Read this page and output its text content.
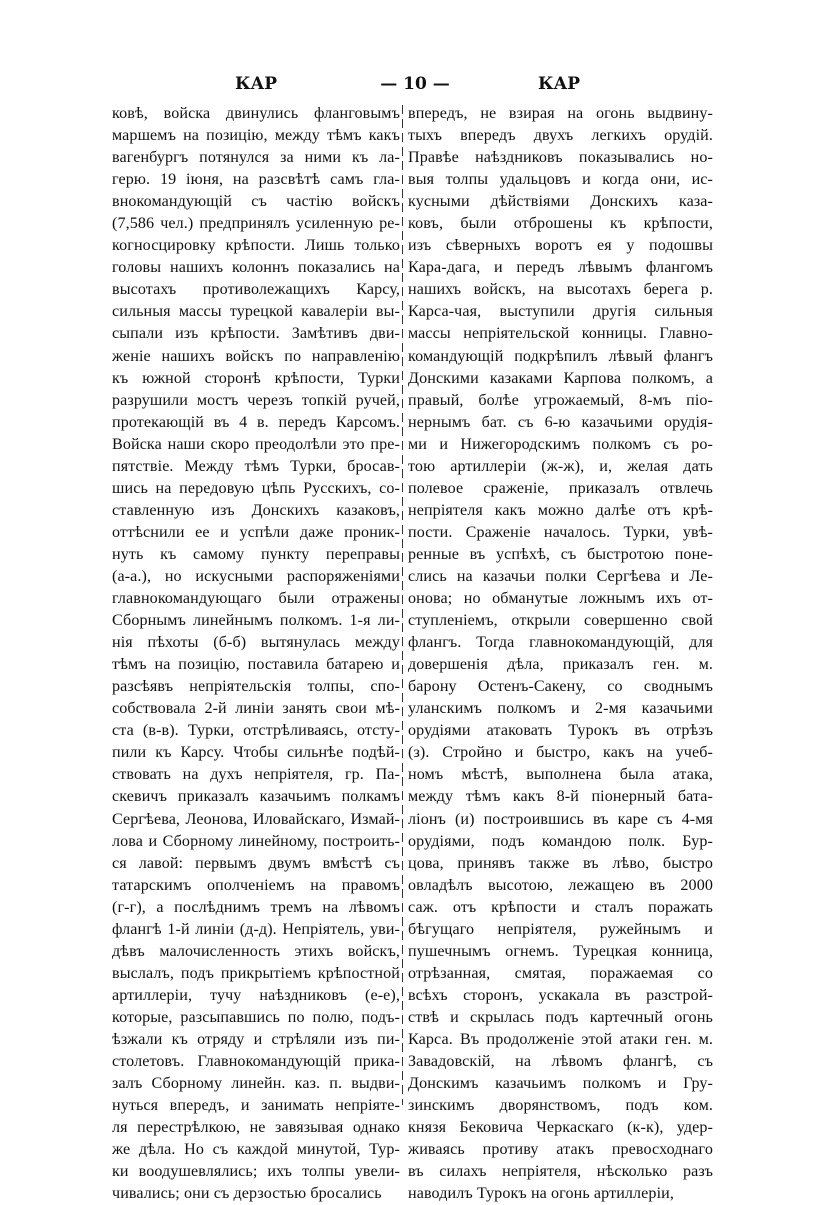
КАР	— 10 —	КАР
ковѣ, войска двинулись фланговымъ
маршемъ на позицію, между тѣмъ какъ
вагенбургъ потянулся за ними къ ла-
герю. 19 іюня, на разсвѣтѣ самъ гла-
внокомандующій съ частію войскъ
(7,586 чел.) предпринялъ усиленную ре-
когносцировку крѣпости. Лишь только
головы нашихъ колоннъ показались на
высотахъ противолежащихъ Карсу,
сильныя массы турецкой кавалеріи вы-
сыпали изъ крѣпости. Замѣтивъ дви-
женіе нашихъ войскъ по направленію
къ южной сторонѣ крѣпости, Турки
разрушили мостъ черезъ топкій ручей,
протекающій въ 4 в. передъ Карсомъ.
Войска наши скоро преодолѣли это пре-
пятствіе. Между тѣмъ Турки, бросав-
шись на передовую цѣпь Русскихъ, со-
ставленную изъ Донскихъ казаковъ,
оттѣснили ее и успѣли даже проник-
нуть къ самому пункту переправы
(а-а.), но искусными распоряженіями
главнокомандующаго были отражены
Сборнымъ линейнымъ полкомъ. 1-я ли-
нія пѣхоты (б-б) вытянулась между
тѣмъ на позицію, поставила батарею и
разсѣявъ непріятельскія толпы, спо-
собствовала 2-й линіи занять свои мѣ-
ста (в-в). Турки, отстрѣливаясь, отсту-
пили къ Карсу. Чтобы сильнѣе подѣй-
ствовать на духъ непріятеля, гр. Па-
скевичъ приказалъ казачьимъ полкамъ
Сергѣева, Леонова, Иловайскаго, Измай-
лова и Сборному линейному, построить-
ся лавой: первымъ двумъ вмѣстѣ съ
татарскимъ ополченіемъ на правомъ
(г-г), а послѣднимъ тремъ на лѣвомъ
флангѣ 1-й линіи (д-д). Непріятель, уви-
дѣвъ малочисленность этихъ войскъ,
выслалъ, подъ прикрытіемъ крѣпостной
артиллеріи, тучу наѣздниковъ (е-е),
которые, разсыпавшись по полю, подъ-
ѣзжали къ отряду и стрѣляли изъ пи-
столетовъ. Главнокомандующій прика-
залъ Сборному линейн. каз. п. выдви-
нуться впередъ, и занимать непріяте-
ля перестрѣлкою, не завязывая однако
же дѣла. Но съ каждой минутой, Тур-
ки воодушевлялись; ихъ толпы увели-
чивались; они съ дерзостью бросались
впередъ, не взирая на огонь выдвину-
тыхъ впередъ двухъ легкихъ орудій.
Правѣе наѣздниковъ показывались но-
выя толпы удальцовъ и когда они, ис-
кусными дѣйствіями Донскихъ каза-
ковъ, были отброшены къ крѣпости,
изъ сѣверныхъ воротъ ея у подошвы
Кара-дага, и передъ лѣвымъ флангомъ
нашихъ войскъ, на высотахъ берега р.
Карса-чая, выступили другія сильныя
массы непріятельской конницы. Главно-
командующій подкрѣпилъ лѣвый флангъ
Донскими казаками Карпова полкомъ, а
правый, болѣе угрожаемый, 8-мъ піо-
нернымъ бат. съ 6-ю казачьими орудія-
ми и Нижегородскимъ полкомъ съ ро-
тою артиллеріи (ж-ж), и, желая дать
полевое сраженіе, приказалъ отвлечь
непріятеля какъ можно далѣе отъ крѣ-
пости. Сраженіе началось. Турки, увѣ-
ренные въ успѣхѣ, съ быстротою поне-
слись на казачьи полки Сергѣева и Ле-
онова; но обманутые ложнымъ ихъ от-
ступленіемъ, открыли совершенно свой
флангъ. Тогда главнокомандующій, для
довершенія дѣла, приказалъ ген. м.
барону Остенъ-Сакену, со своднымъ
уланскимъ полкомъ и 2-мя казачьими
орудіями атаковать Турокъ въ отрѣзъ
(з). Стройно и быстро, какъ на учеб-
номъ мѣстѣ, выполнена была атака,
между тѣмъ какъ 8-й піонерный бата-
ліонъ (и) построившись въ каре съ 4-мя
орудіями, подъ командою полк. Бур-
цова, принявъ также въ лѣво, быстро
овладѣлъ высотою, лежащею въ 2000
саж. отъ крѣпости и сталъ поражать
бѣгущаго непріятеля, ружейнымъ и
пушечнымъ огнемъ. Турецкая конница,
отрѣзанная, смятая, поражаемая со
всѣхъ сторонъ, ускакала въ разстрой-
ствѣ и скрылась подъ картечный огонь
Карса. Въ продолженіе этой атаки ген. м.
Завадовскій, на лѣвомъ флангѣ, съ
Донскимъ казачьимъ полкомъ и Гру-
зинскимъ дворянствомъ, подъ ком.
князя Бековича Черкаскаго (к-к), удер-
живаясь противу атакъ превосходнаго
въ силахъ непріятеля, нѣсколько разъ
наводилъ Турокъ на огонь артиллеріи,
